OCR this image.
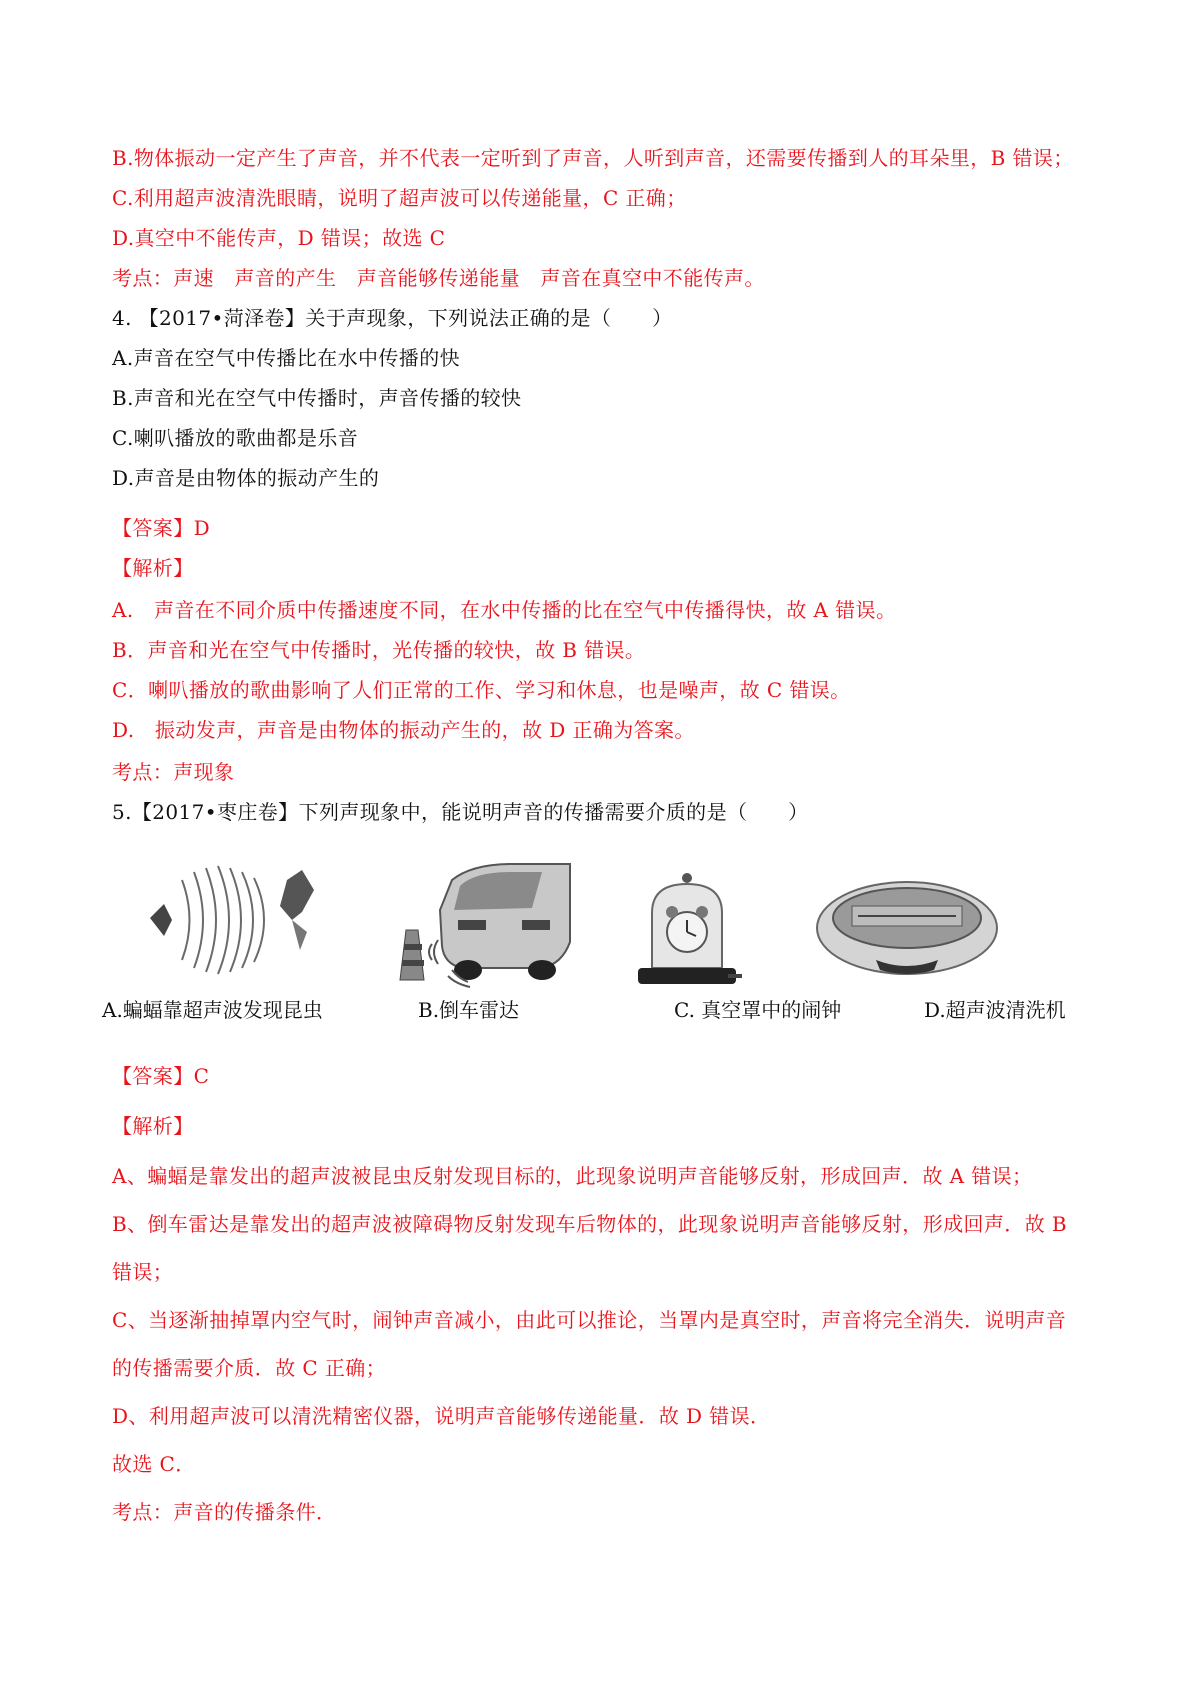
B.物体振动一定产生了声音，并不代表一定听到了声音，人听到声音，还需要传播到人的耳朵里，B 错误；
C.利用超声波清洗眼睛，说明了超声波可以传递能量，C 正确；
D.真空中不能传声，D 错误；故选 C
考点：声速　声音的产生　声音能够传递能量　声音在真空中不能传声。
4. 【2017•菏泽卷】关于声现象，下列说法正确的是（　　）
A.声音在空气中传播比在水中传播的快
B.声音和光在空气中传播时，声音传播的较快
C.喇叭播放的歌曲都是乐音
D.声音是由物体的振动产生的
【答案】D
【解析】
A.　声音在不同介质中传播速度不同，在水中传播的比在空气中传播得快，故 A 错误。
B．声音和光在空气中传播时，光传播的较快，故 B 错误。
C．喇叭播放的歌曲影响了人们正常的工作、学习和休息，也是噪声，故 C 错误。
D.　振动发声，声音是由物体的振动产生的，故 D 正确为答案。
考点：声现象
5.【2017•枣庄卷】下列声现象中，能说明声音的传播需要介质的是（　　）
A.蝙蝠靠超声波发现昆虫	B.倒车雷达	C. 真空罩中的闹钟	D.超声波清洗机
【答案】C
【解析】
A、蝙蝠是靠发出的超声波被昆虫反射发现目标的，此现象说明声音能够反射，形成回声．故 A 错误；
B、倒车雷达是靠发出的超声波被障碍物反射发现车后物体的，此现象说明声音能够反射，形成回声．故 B
错误；
C、当逐渐抽掉罩内空气时，闹钟声音减小，由此可以推论，当罩内是真空时，声音将完全消失．说明声音
的传播需要介质．故 C 正确；
D、利用超声波可以清洗精密仪器，说明声音能够传递能量．故 D 错误．
故选 C．
考点：声音的传播条件．
